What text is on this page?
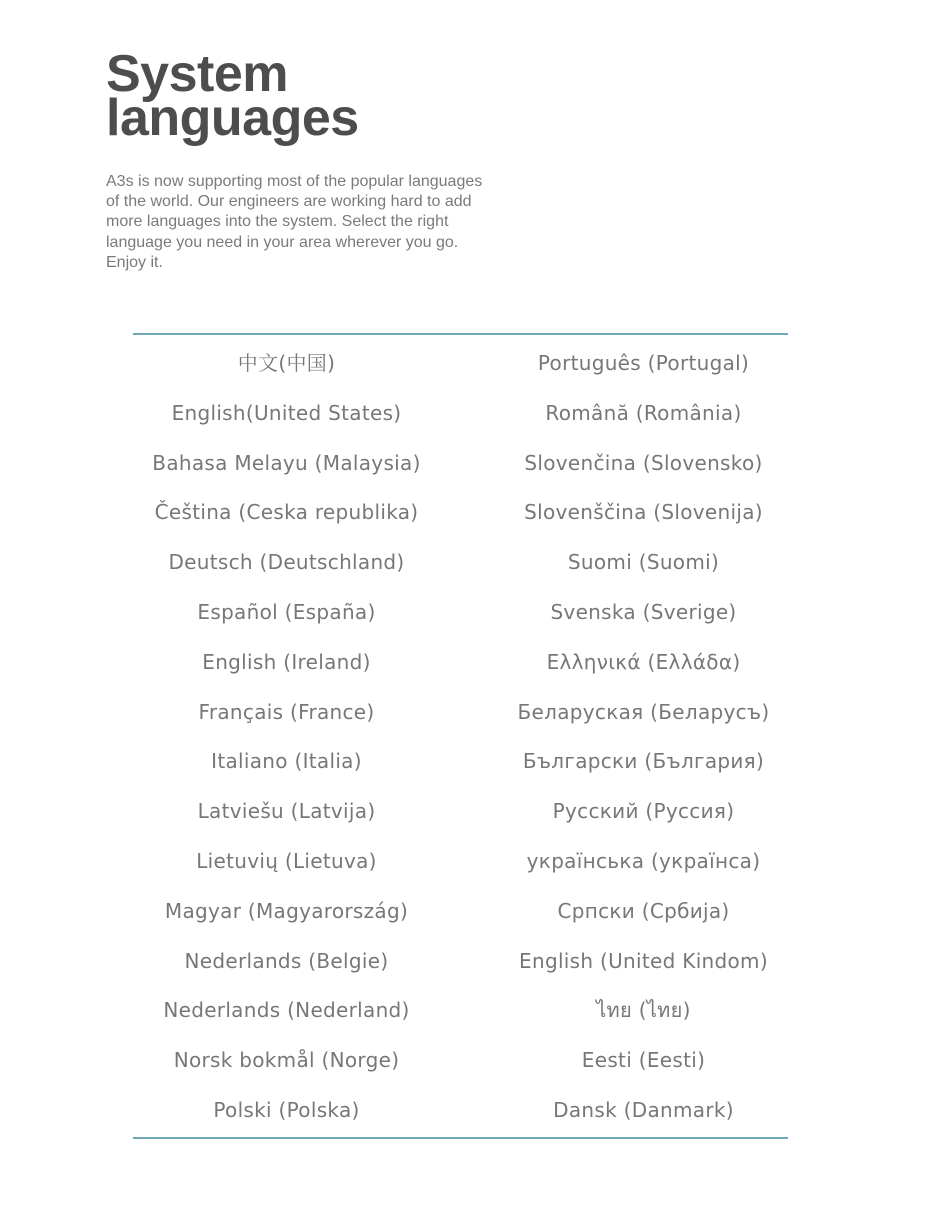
System
languages

A3s is now supporting most of the popular languages of the world. Our engineers are working hard to add more languages into the system. Select the right language you need in your area wherever you go. Enjoy it.

中文(中国)	Português (Portugal)
English(United States)	Română (România)
Bahasa Melayu (Malaysia)	Slovenčina (Slovensko)
Čeština (Ceska republika)	Slovenščina (Slovenija)
Deutsch (Deutschland)	Suomi (Suomi)
Español (España)	Svenska (Sverige)
English (Ireland)	Ελληνικά (Ελλάδα)
Français (France)	Беларуская (Беларусъ)
Italiano (Italia)	Български (България)
Latviešu (Latvija)	Русский (Руссия)
Lietuvių (Lietuva)	українська (українса)
Magyar (Magyarország)	Српски (Србија)
Nederlands (Belgie)	English (United Kindom)
Nederlands (Nederland)	ไทย (ไทย)
Norsk bokmål (Norge)	Eesti (Eesti)
Polski (Polska)	Dansk (Danmark)
